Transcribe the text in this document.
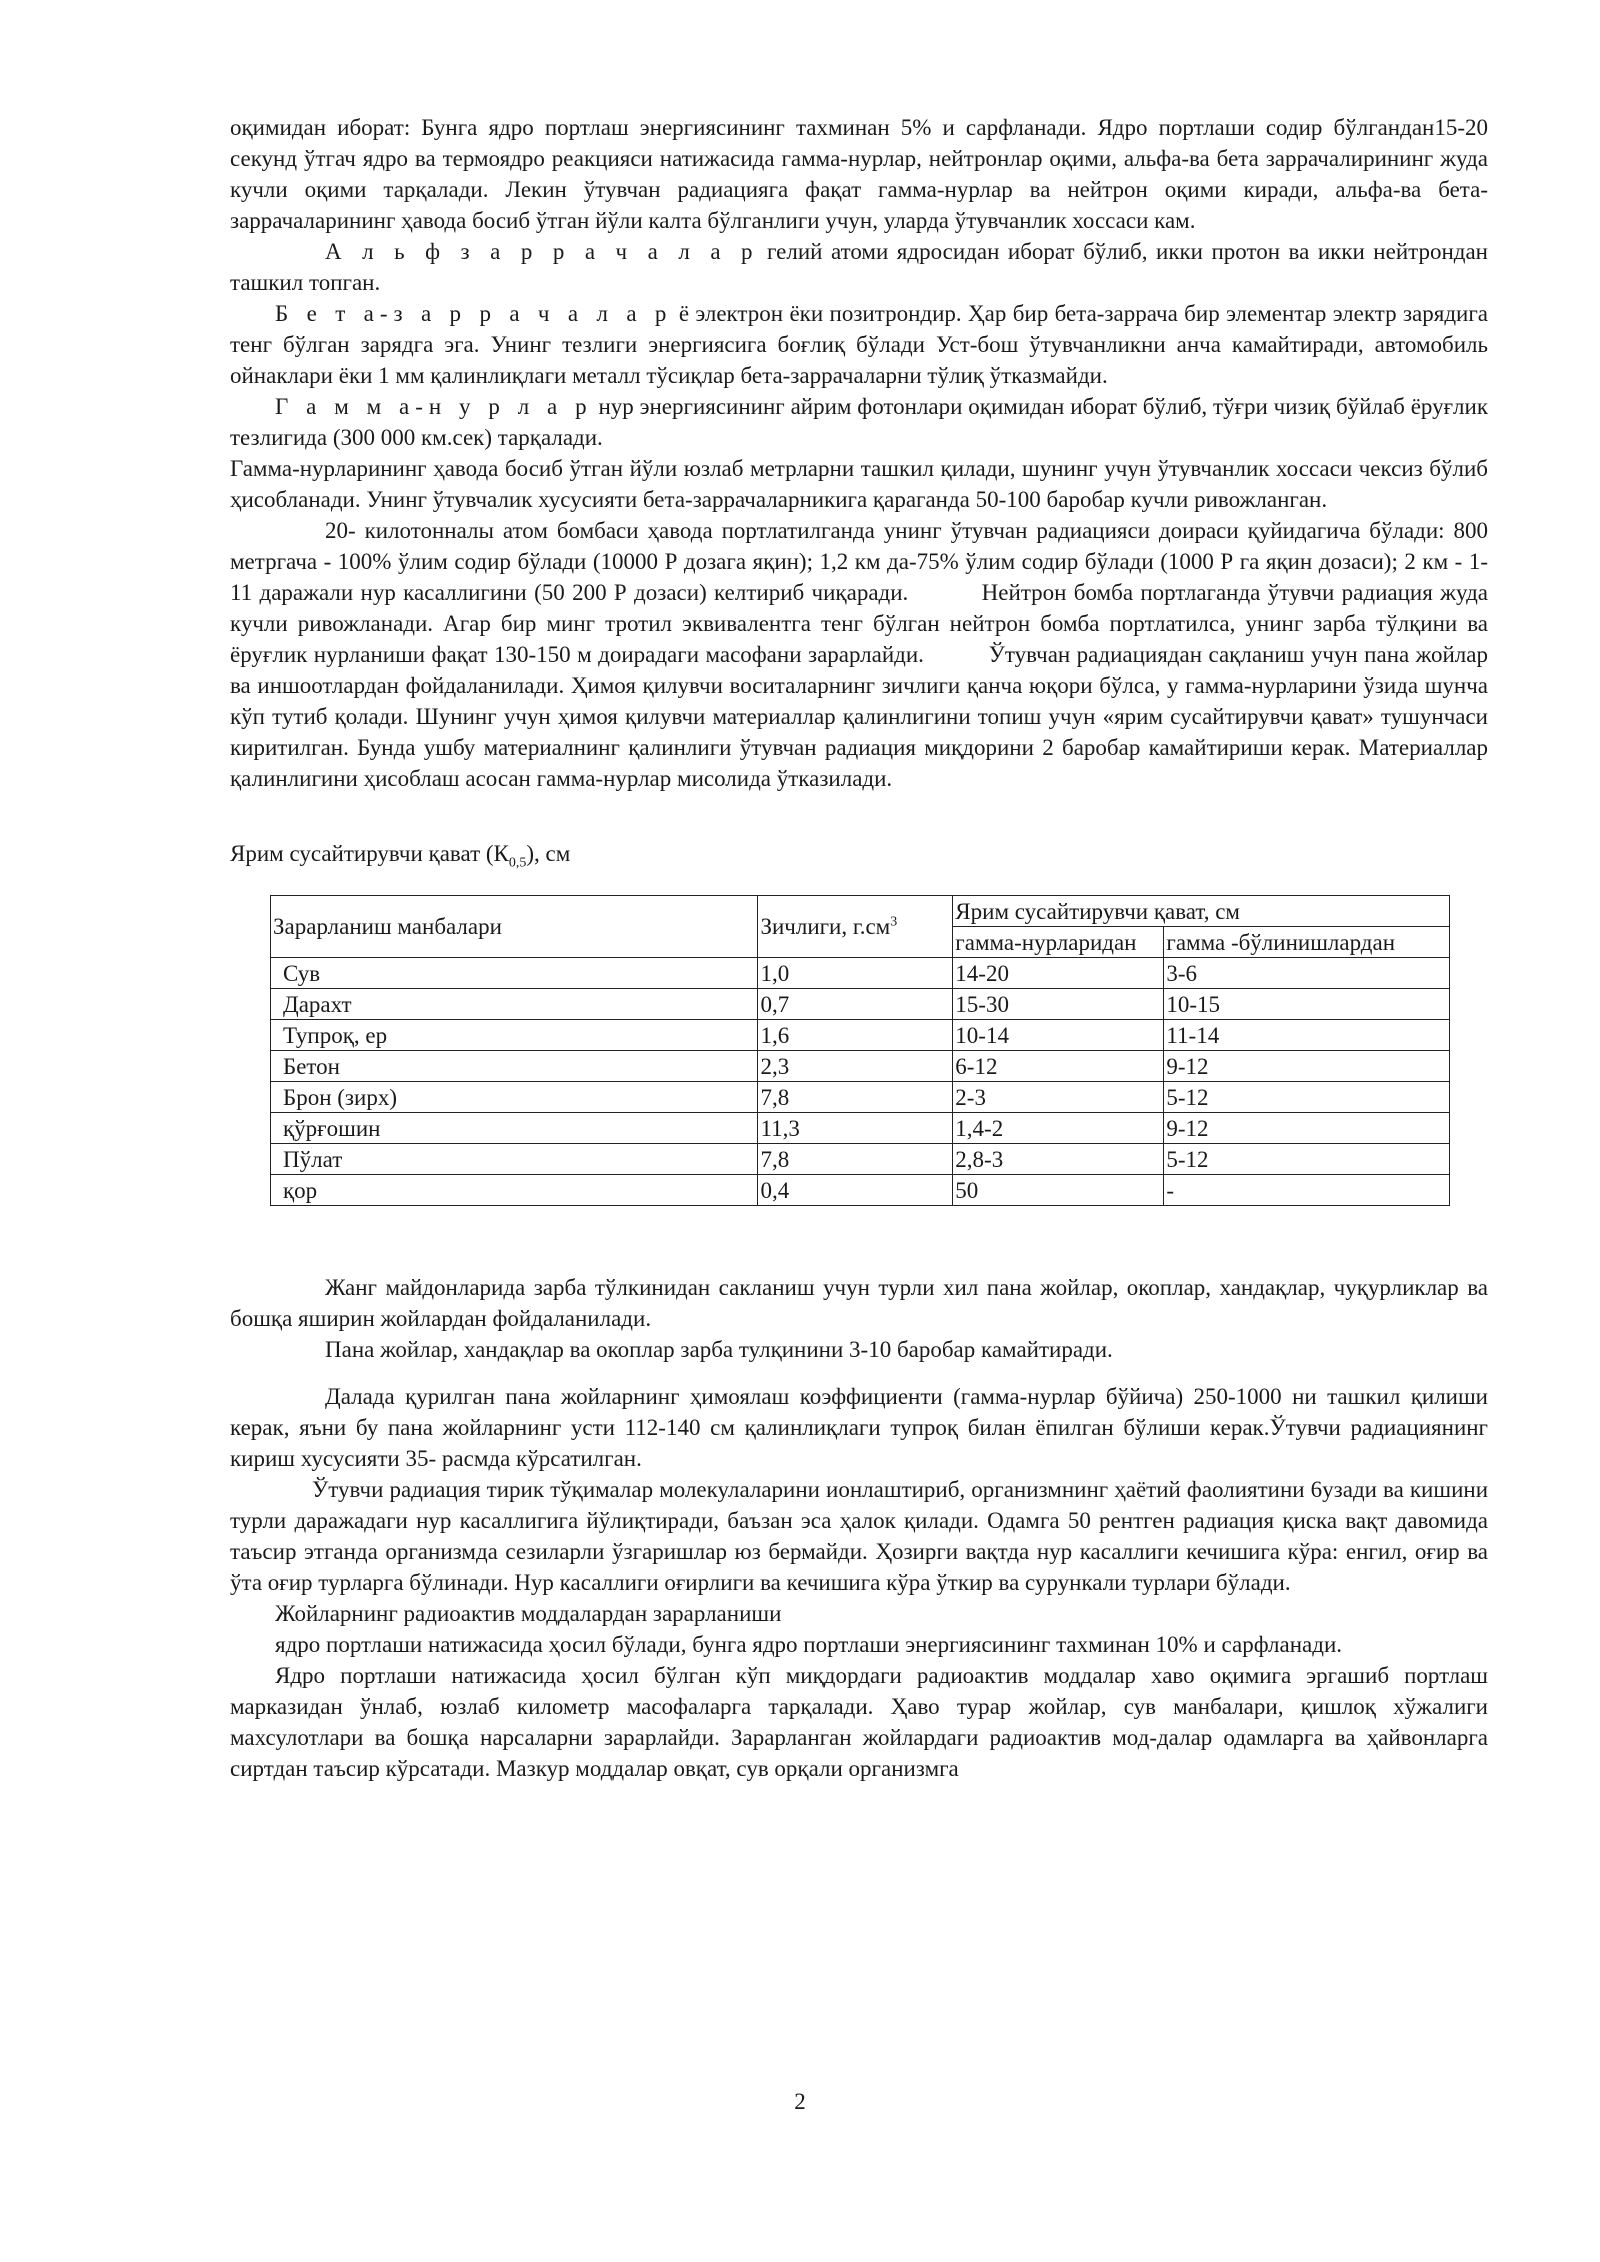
оқимидан иборат: Бунга ядро портлаш энергиясининг тахминан 5% и сарфланади. Ядро портлаши содир бўлгандан15-20 секунд ўтгач ядро ва термоядро реакцияси натижасида гамма-нурлар, нейтронлар оқими, альфа-ва бета заррачалирининг жуда кучли оқими тарқалади. Лекин ўтувчан радиацияга фақат гамма-нурлар ва нейтрон оқими киради, альфа-ва бета-заррачаларининг ҳавода босиб ўтган йўли калта бўлганлиги учун, уларда ўтувчанлик хоссаси кам.

А л ь ф з а р р а ч а л а р гелий атоми ядросидан иборат бўлиб, икки протон ва икки нейтрондан ташкил топган.

Б е т а-з а р р а ч а л а р ё электрон ёки позитрондир. Ҳар бир бета-заррача бир элементар электр зарядига тенг бўлган зарядга эга. Унинг тезлиги энергиясига боғлиқ бўлади Уст-бош ўтувчанликни анча камайтиради, автомобиль ойнаклари ёки 1 мм қалинлиқлаги металл тўсиқлар бета-заррачаларни тўлиқ ўтказмайди.

Г а м м а-н у р л а р нур энергиясининг айрим фотонлари оқимидан иборат бўлиб, тўғри чизиқ бўйлаб ёруғлик тезлигида (300 000 км.сек) тарқалади.

Гамма-нурларининг ҳавода босиб ўтган йўли юзлаб метрларни ташкил қилади, шунинг учун ўтувчанлик хоссаси чексиз бўлиб ҳисобланади. Унинг ўтувчалик хусусияти бета-заррачаларникига қараганда 50-100 баробар кучли ривожланган.

20- килотонналы атом бомбаси ҳавода портлатилганда унинг ўтувчан радиацияси доираси қуйидагича бўлади: 800 метргача - 100% ўлим содир бўлади (10000 Р дозага яқин); 1,2 км да-75% ўлим содир бўлади (1000 Р га яқин дозаси); 2 км - 1-11 даражали нур касаллигини (50 200 Р дозаси) келтириб чиқаради.          Нейтрон бомба портлаганда ўтувчи радиация жуда кучли ривожланади. Агар бир минг тротил эквивалентга тенг бўлган нейтрон бомба портлатилса, унинг зарба тўлқини ва ёруғлик нурланиши фақат 130-150 м доирадаги масофани зарарлайди.          Ўтувчан радиациядан сақланиш учун пана жойлар ва иншоотлардан фойдаланилади. Ҳимоя қилувчи воситаларнинг зичлиги қанча юқори бўлса, у гамма-нурларини ўзида шунча кўп тутиб қолади. Шунинг учун ҳимоя қилувчи материаллар қалинлигини топиш учун «ярим сусайтирувчи қават» тушунчаси киритилган. Бунда ушбу материалнинг қалинлиги ўтувчан радиация миқдорини 2 баробар камайтириши керак. Материаллар қалинлигини ҳисоблаш асосан гамма-нурлар мисолида ўтказилади.

Ярим сусайтирувчи қават $(К_{0,5})$, см

Зарарланиш манбалари	Зичлиги, $г.см^3$	Ярим сусайтирувчи қават, см	
		гамма-нурларидан	гамма -бўлинишлардан
Сув	1,0	14-20	3-6
Дарахт	0,7	15-30	10-15
Тупроқ, ер	1,6	10-14	11-14
Бетон	2,3	6-12	9-12
Брон (зирх)	7,8	2-3	5-12
қўрғошин	11,3	1,4-2	9-12
Пўлат	7,8	2,8-3	5-12
қор	0,4	50	-

Жанг майдонларида зарба тўлкинидан сакланиш учун турли хил пана жойлар, окоплар, хандақлар, чуқурликлар ва бошқа яширин жойлардан фойдаланилади.

Пана жойлар, хандақлар ва окоплар зарба тулқинини 3-10 баробар камайтиради.

Далада қурилган пана жойларнинг ҳимоялаш коэффициенти (гамма-нурлар бўйича) 250-1000 ни ташкил қилиши керак, яъни бу пана жойларнинг усти 112-140 см қалинлиқлаги тупроқ билан ёпилган бўлиши керак.Ўтувчи радиациянинг кириш хусусияти 35- расмда кўрсатилган.

Ўтувчи радиация тирик тўқималар молекулаларини ионлаштириб, организмнинг ҳаётий фаолиятини 6узади ва кишини турли даражадаги нур касаллигига йўлиқтиради, баъзан эса ҳалок қилади. Одамга 50 рентген радиация қиска вақт давомида таъсир этганда организмда сезиларли ўзгаришлар юз бермайди. Ҳозирги вақтда нур касаллиги кечишига кўра: енгил, оғир ва ўта оғир турларга бўлинади. Нур касаллиги оғирлиги ва кечишига кўра ўткир ва сурункали турлари бўлади.

Жойларнинг радиоактив моддалардан зарарланиши

ядро портлаши натижасида ҳосил бўлади, бунга ядро портлаши энергиясининг тахминан 10% и сарфланади.

Ядро портлаши натижасида ҳосил бўлган кўп миқдордаги радиоактив моддалар хаво оқимига эргашиб портлаш марказидан ўнлаб, юзлаб километр масофаларга тарқалади. Ҳаво турар жойлар, сув манбалари, қишлоқ хўжалиги махсулотлари ва бошқа нарсаларни зарарлайди. Зарарланган жойлардаги радиоактив мод-далар одамларга ва ҳайвонларга сиртдан таъсир кўрсатади. Мазкур моддалар овқат, сув орқали организмга

2
